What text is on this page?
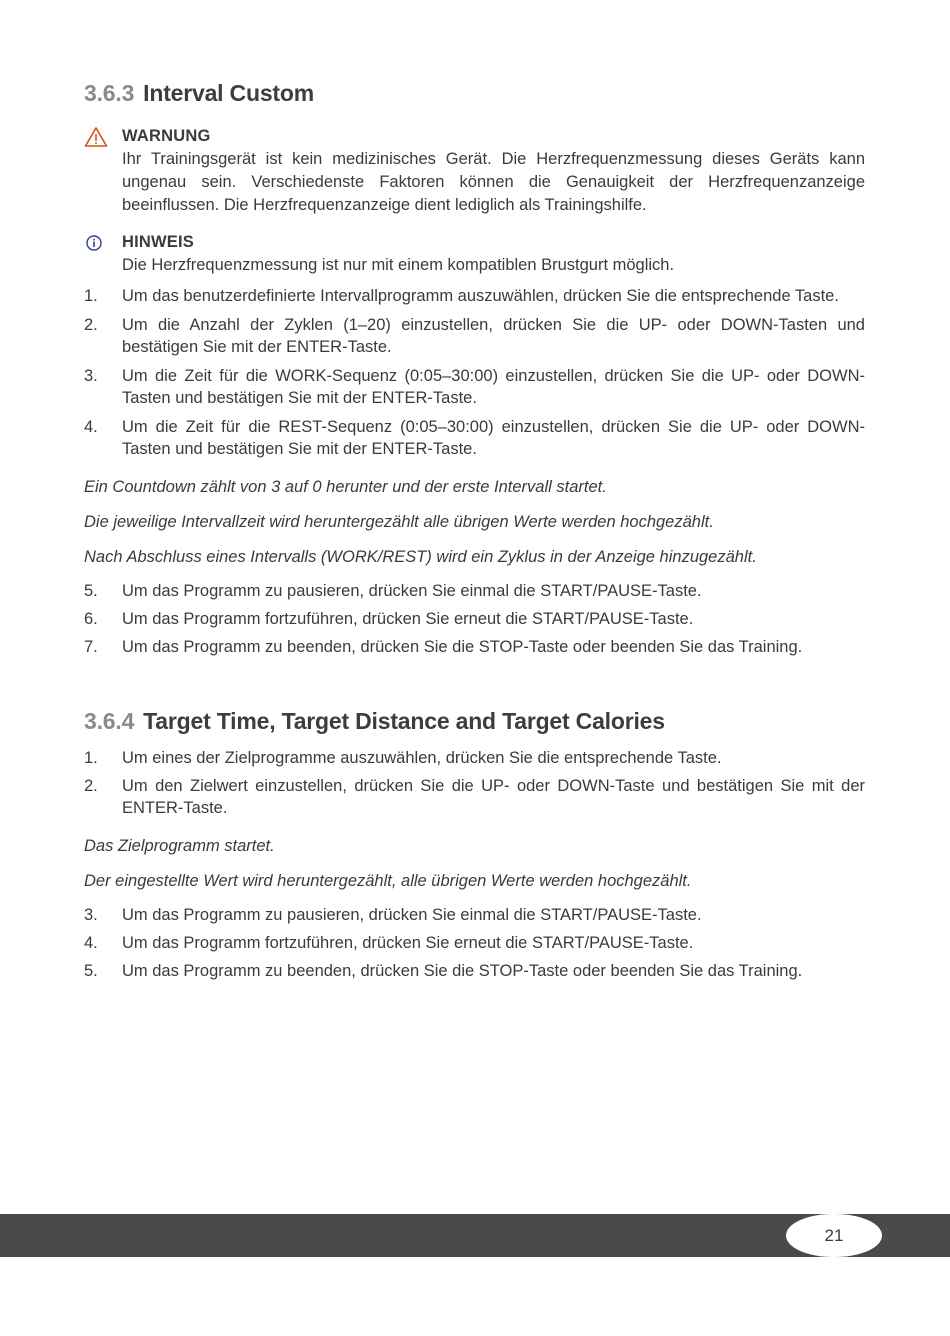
3.6.3 Interval Custom
WARNUNG
Ihr Trainingsgerät ist kein medizinisches Gerät. Die Herzfrequenzmessung dieses Geräts kann ungenau sein. Verschiedenste Faktoren können die Genauigkeit der Herzfrequenzanzeige beeinflussen. Die Herzfrequenzanzeige dient lediglich als Trainingshilfe.
HINWEIS
Die Herzfrequenzmessung ist nur mit einem kompatiblen Brustgurt möglich.
1. Um das benutzerdefinierte Intervallprogramm auszuwählen, drücken Sie die entsprechende Taste.
2. Um die Anzahl der Zyklen (1–20) einzustellen, drücken Sie die UP- oder DOWN-Tasten und bestätigen Sie mit der ENTER-Taste.
3. Um die Zeit für die WORK-Sequenz (0:05–30:00) einzustellen, drücken Sie die UP- oder DOWN-Tasten und bestätigen Sie mit der ENTER-Taste.
4. Um die Zeit für die REST-Sequenz (0:05–30:00) einzustellen, drücken Sie die UP- oder DOWN-Tasten und bestätigen Sie mit der ENTER-Taste.
Ein Countdown zählt von 3 auf 0 herunter und der erste Intervall startet.
Die jeweilige Intervallzeit wird heruntergezählt alle übrigen Werte werden hochgezählt.
Nach Abschluss eines Intervalls (WORK/REST) wird ein Zyklus in der Anzeige hinzugezählt.
5. Um das Programm zu pausieren, drücken Sie einmal die START/PAUSE-Taste.
6. Um das Programm fortzuführen, drücken Sie erneut die START/PAUSE-Taste.
7. Um das Programm zu beenden, drücken Sie die STOP-Taste oder beenden Sie das Training.
3.6.4 Target Time, Target Distance and Target Calories
1. Um eines der Zielprogramme auszuwählen, drücken Sie die entsprechende Taste.
2. Um den Zielwert einzustellen, drücken Sie die UP- oder DOWN-Taste und bestätigen Sie mit der ENTER-Taste.
Das Zielprogramm startet.
Der eingestellte Wert wird heruntergezählt, alle übrigen Werte werden hochgezählt.
3. Um das Programm zu pausieren, drücken Sie einmal die START/PAUSE-Taste.
4. Um das Programm fortzuführen, drücken Sie erneut die START/PAUSE-Taste.
5. Um das Programm zu beenden, drücken Sie die STOP-Taste oder beenden Sie das Training.
21
